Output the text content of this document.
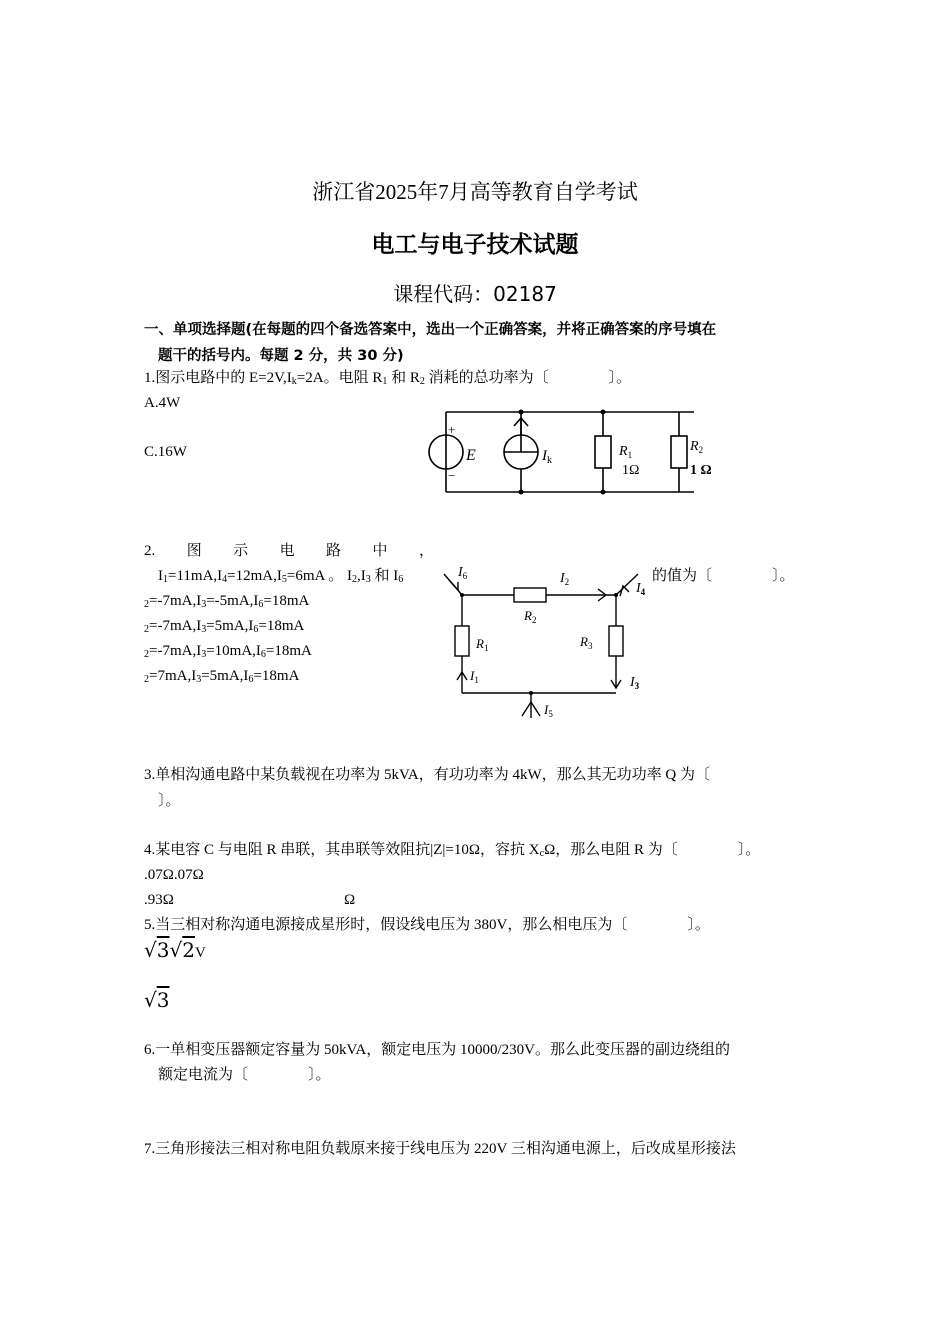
浙江省2025年7月高等教育自学考试
电工与电子技术试题
课程代码：02187
一、单项选择题(在每题的四个备选答案中，选出一个正确答案，并将正确答案的序号填在
题干的括号内。每题 2 分，共 30 分)
1.图示电路中的 $E=2V,I_k=2A$。电阻 $R_1$ 和 $R_2$ 消耗的总功率为〔　　　　〕。
A.4W
C.16W
+
−
E	$I_k$
$R_1$
1Ω
$R_2$
1 Ω
2. 图 示 电 路 中 ，
$I_1=11mA,I_4=12mA,I_5=6mA$ 。 $I_2,I_3$ 和 $I_6$	的值为〔　　　　〕。
$_2=-7mA,I_3=-5mA,I_6=18mA$
$_2=-7mA,I_3=5mA,I_6=18mA$
$_2=-7mA,I_3=10mA,I_6=18mA$
$_2=7mA,I_3=5mA,I_6=18mA$
$I_6$	$I_2$	$I_4$
$R_2$
$R_1$	$R_3$
$I_1$	$I_3$
$I_5$
3.单相沟通电路中某负载视在功率为 5kVA，有功功率为 4kW，那么其无功功率 Q 为〔
〕。
4.某电容 C 与电阻 R 串联，其串联等效阻抗|Z|=10Ω，容抗 $X_c\Omega$，那么电阻 R 为〔　　　　〕。
.07Ω.07Ω
.93Ω	Ω
5.当三相对称沟通电源接成星形时，假设线电压为 380V，那么相电压为〔　　　　〕。
√3√2V
√3
6.一单相变压器额定容量为 50kVA，额定电压为 10000/230V。那么此变压器的副边绕组的
额定电流为〔　　　　〕。
7.三角形接法三相对称电阻负载原来接于线电压为 220V 三相沟通电源上，后改成星形接法
